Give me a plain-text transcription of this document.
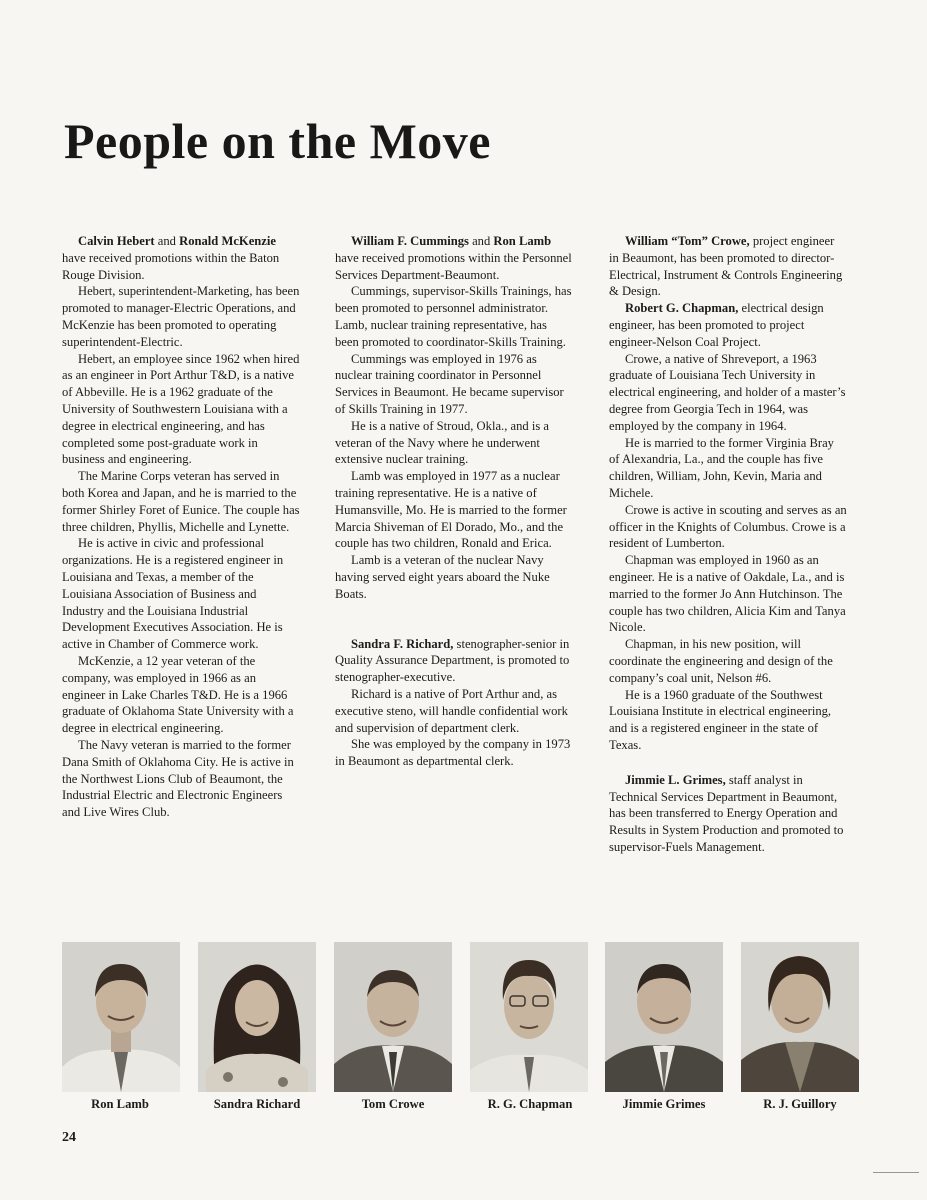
People on the Move

Calvin Hebert and Ronald McKenzie have received promotions within the Baton Rouge Division.

Hebert, superintendent-Marketing, has been promoted to manager-Electric Operations, and McKenzie has been promoted to operating superintendent-Electric.

Hebert, an employee since 1962 when hired as an engineer in Port Arthur T&D, is a native of Abbeville. He is a 1962 graduate of the University of Southwestern Louisiana with a degree in electrical engineering, and has completed some post-graduate work in business and engineering.

The Marine Corps veteran has served in both Korea and Japan, and he is married to the former Shirley Foret of Eunice. The couple has three children, Phyllis, Michelle and Lynette.

He is active in civic and professional organizations. He is a registered engineer in Louisiana and Texas, a member of the Louisiana Association of Business and Industry and the Louisiana Industrial Development Executives Association. He is active in Chamber of Commerce work.

McKenzie, a 12 year veteran of the company, was employed in 1966 as an engineer in Lake Charles T&D. He is a 1966 graduate of Oklahoma State University with a degree in electrical engineering.

The Navy veteran is married to the former Dana Smith of Oklahoma City. He is active in the Northwest Lions Club of Beaumont, the Industrial Electric and Electronic Engineers and Live Wires Club.

William F. Cummings and Ron Lamb have received promotions within the Personnel Services Department-Beaumont.

Cummings, supervisor-Skills Trainings, has been promoted to personnel administrator. Lamb, nuclear training representative, has been promoted to coordinator-Skills Training.

Cummings was employed in 1976 as nuclear training coordinator in Personnel Services in Beaumont. He became supervisor of Skills Training in 1977.

He is a native of Stroud, Okla., and is a veteran of the Navy where he underwent extensive nuclear training.

Lamb was employed in 1977 as a nuclear training representative. He is a native of Humansville, Mo. He is married to the former Marcia Shiveman of El Dorado, Mo., and the couple has two children, Ronald and Erica.

Lamb is a veteran of the nuclear Navy having served eight years aboard the Nuke Boats.

Sandra F. Richard, stenographer-senior in Quality Assurance Department, is promoted to stenographer-executive.

Richard is a native of Port Arthur and, as executive steno, will handle confidential work and supervision of department clerk.

She was employed by the company in 1973 in Beaumont as departmental clerk.

William “Tom” Crowe, project engineer in Beaumont, has been promoted to director-Electrical, Instrument & Controls Engineering & Design.

Robert G. Chapman, electrical design engineer, has been promoted to project engineer-Nelson Coal Project.

Crowe, a native of Shreveport, a 1963 graduate of Louisiana Tech University in electrical engineering, and holder of a master’s degree from Georgia Tech in 1964, was employed by the company in 1964.

He is married to the former Virginia Bray of Alexandria, La., and the couple has five children, William, John, Kevin, Maria and Michele.

Crowe is active in scouting and serves as an officer in the Knights of Columbus. Crowe is a resident of Lumberton.

Chapman was employed in 1960 as an engineer. He is a native of Oakdale, La., and is married to the former Jo Ann Hutchinson. The couple has two children, Alicia Kim and Tanya Nicole.

Chapman, in his new position, will coordinate the engineering and design of the company’s coal unit, Nelson #6.

He is a 1960 graduate of the Southwest Louisiana Institute in electrical engineering, and is a registered engineer in the state of Texas.

Jimmie L. Grimes, staff analyst in Technical Services Department in Beaumont, has been transferred to Energy Operation and Results in System Production and promoted to supervisor-Fuels Management.

Ron Lamb	Sandra Richard	Tom Crowe	R. G. Chapman	Jimmie Grimes	R. J. Guillory
24
